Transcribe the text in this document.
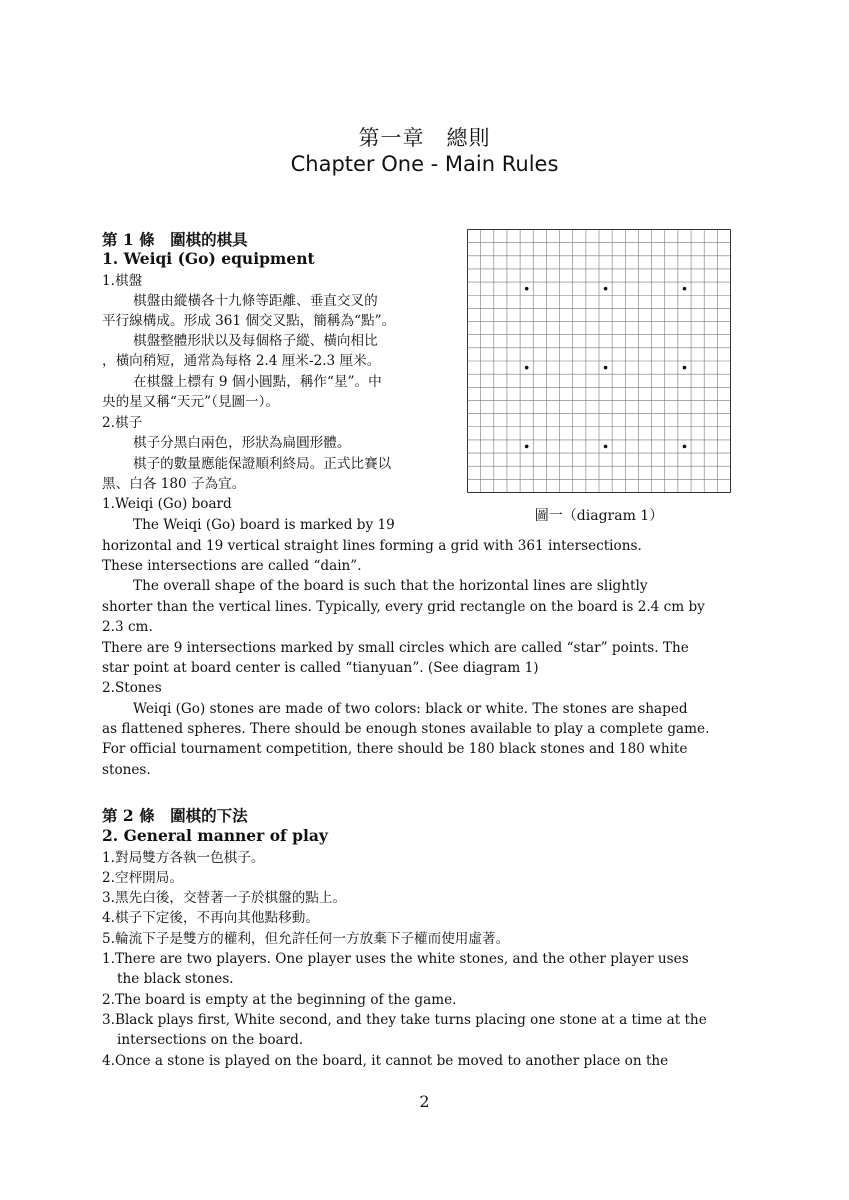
第一章　總則
Chapter One - Main Rules
第 1 條　圍棋的棋具
1. Weiqi (Go) equipment
1.棋盤
棋盤由縱橫各十九條等距離、垂直交叉的
平行線構成。形成 361 個交叉點，簡稱為“點”。
棋盤整體形狀以及每個格子縱、橫向相比
，橫向稍短，通常為每格 2.4 厘米-2.3 厘米。
在棋盤上標有 9 個小圓點，稱作“星”。中
央的星又稱“天元”（見圖一）。
2.棋子
棋子分黑白兩色，形狀為扁圓形體。
棋子的數量應能保證順利終局。正式比賽以
黑、白各 180 子為宜。
1.Weiqi (Go) board
The Weiqi (Go) board is marked by 19
horizontal and 19 vertical straight lines forming a grid with 361 intersections.
These intersections are called “dain”.
The overall shape of the board is such that the horizontal lines are slightly
shorter than the vertical lines. Typically, every grid rectangle on the board is 2.4 cm by
2.3 cm.
There are 9 intersections marked by small circles which are called “star” points. The
star point at board center is called “tianyuan”. (See diagram 1)
2.Stones
Weiqi (Go) stones are made of two colors: black or white. The stones are shaped
as flattened spheres. There should be enough stones available to play a complete game.
For official tournament competition, there should be 180 black stones and 180 white
stones.
圖一（diagram 1）
第 2 條　圍棋的下法
2. General manner of play
1.對局雙方各執一色棋子。
2.空枰開局。
3.黑先白後，交替著一子於棋盤的點上。
4.棋子下定後，不再向其他點移動。
5.輪流下子是雙方的權利，但允許任何一方放棄下子權而使用虛著。
1.There are two players. One player uses the white stones, and the other player uses
the black stones.
2.The board is empty at the beginning of the game.
3.Black plays first, White second, and they take turns placing one stone at a time at the
intersections on the board.
4.Once a stone is played on the board, it cannot be moved to another place on the
2
